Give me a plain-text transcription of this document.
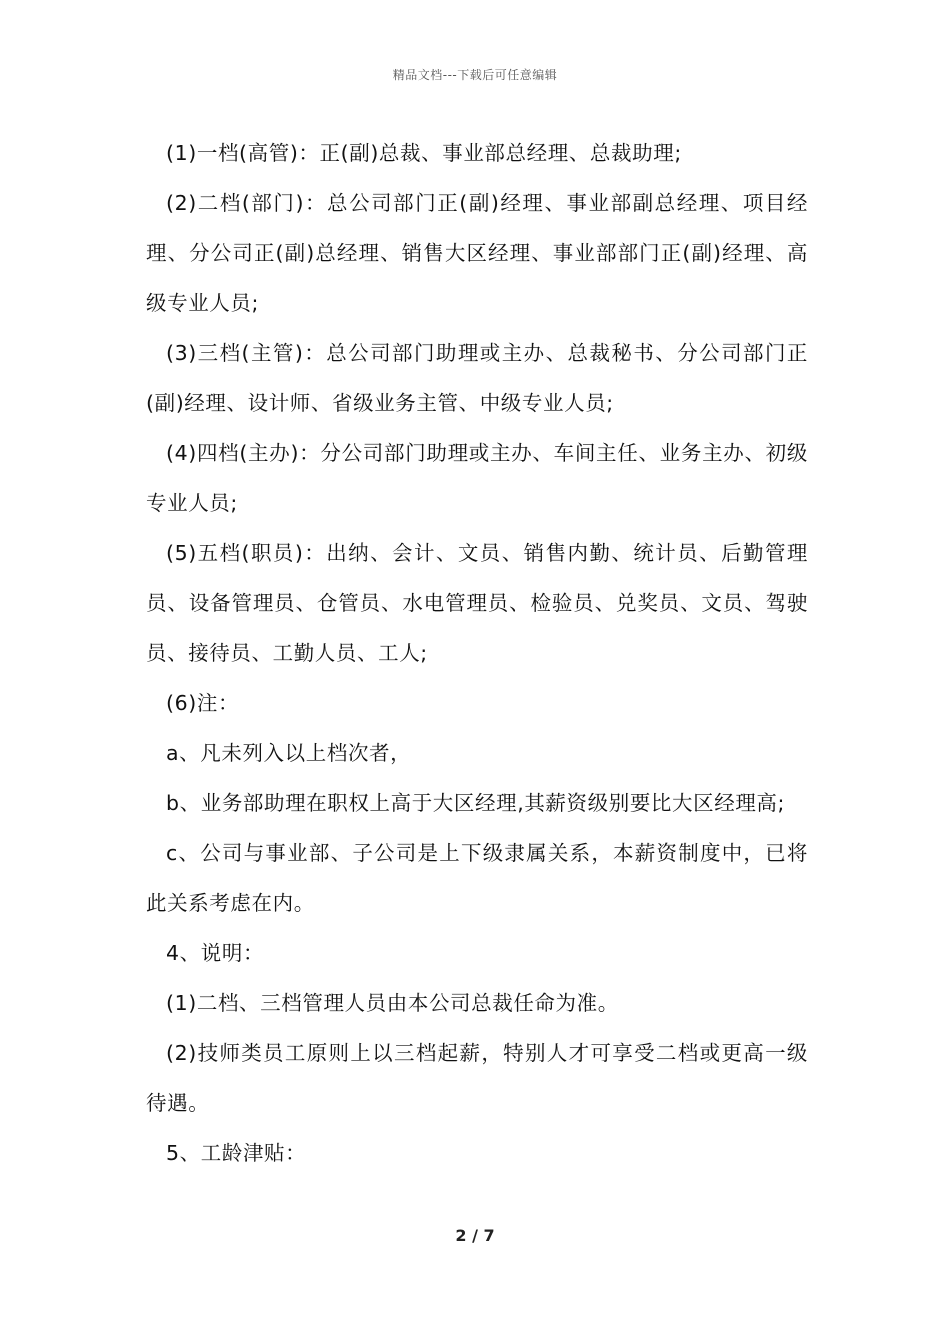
精品文档---下载后可任意编辑

(1)一档(高管)：正(副)总裁、事业部总经理、总裁助理;

(2)二档(部门)：总公司部门正(副)经理、事业部副总经理、项目经理、分公司正(副)总经理、销售大区经理、事业部部门正(副)经理、高级专业人员;

(3)三档(主管)：总公司部门助理或主办、总裁秘书、分公司部门正(副)经理、设计师、省级业务主管、中级专业人员;

(4)四档(主办)：分公司部门助理或主办、车间主任、业务主办、初级专业人员;

(5)五档(职员)：出纳、会计、文员、销售内勤、统计员、后勤管理员、设备管理员、仓管员、水电管理员、检验员、兑奖员、文员、驾驶员、接待员、工勤人员、工人;

(6)注：

a、凡未列入以上档次者，

b、业务部助理在职权上高于大区经理,其薪资级别要比大区经理高;

c、公司与事业部、子公司是上下级隶属关系，本薪资制度中，已将此关系考虑在内。

4、说明：

(1)二档、三档管理人员由本公司总裁任命为准。

(2)技师类员工原则上以三档起薪，特别人才可享受二档或更高一级待遇。

5、工龄津贴：

2 / 7
